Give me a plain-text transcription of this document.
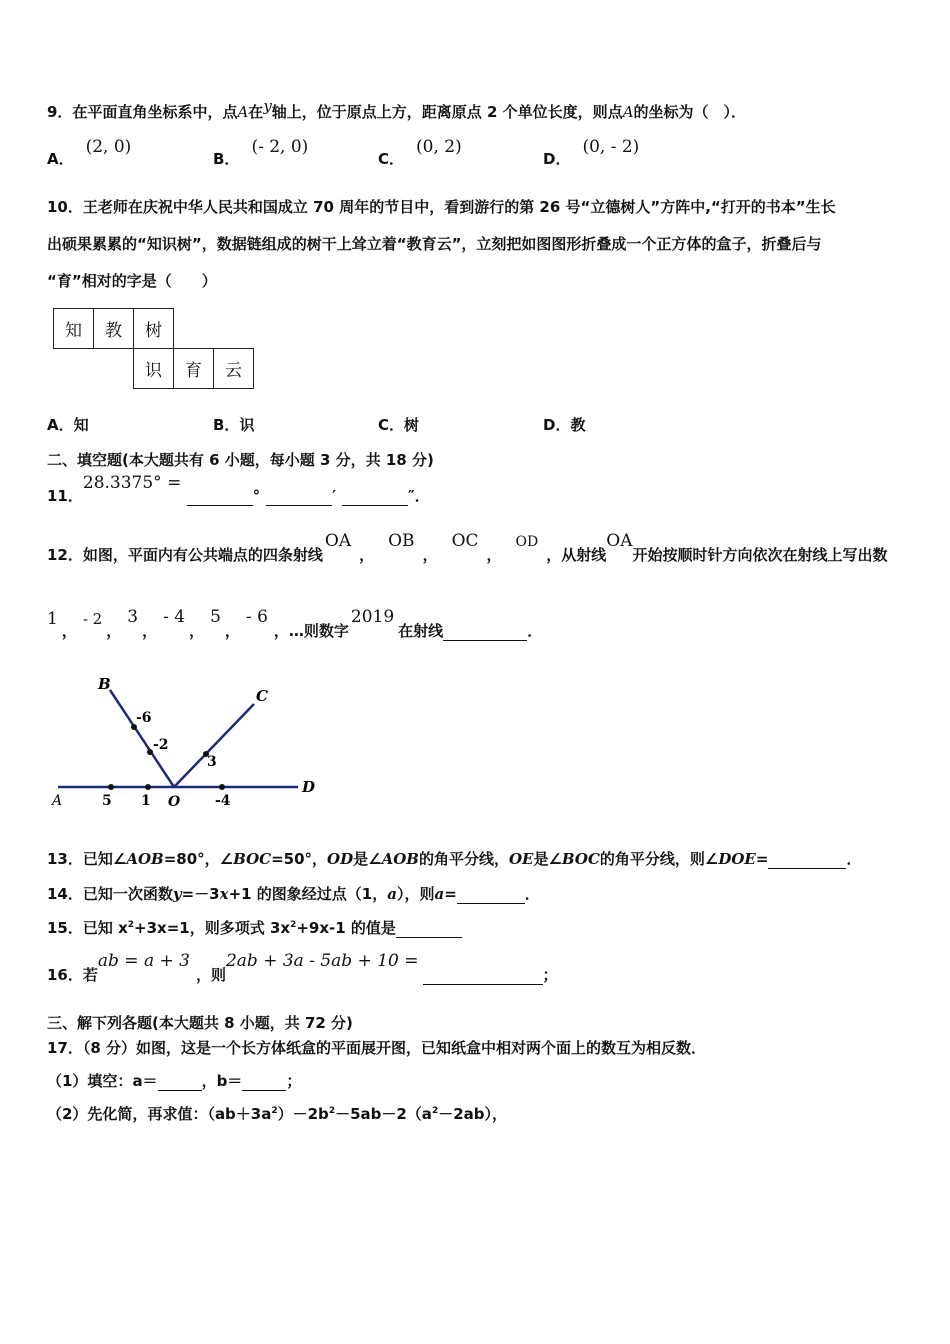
9．在平面直角坐标系中，点A在y轴上，位于原点上方，距离原点 2 个单位长度，则点A的坐标为（　）．
A．(2, 0)
B．(- 2, 0)
C．(0, 2)
D．(0, - 2)
10．王老师在庆祝中华人民共和国成立 70 周年的节目中，看到游行的第 26 号“立德树人”方阵中,“打开的书本”生长
出硕果累累的“知识树”，数据链组成的树干上耸立着“教育云”，立刻把如图图形折叠成一个正方体的盒子，折叠后与
“育”相对的字是（　　）
知	教	树		
		识	育	云
A．知	B．识	C．树	D．教
二、填空题(本大题共有 6 小题，每小题 3 分，共 18 分)
11．28.3375° = °	′	″．
12．如图，平面内有公共端点的四条射线OA，OB，OC，OD，从射线OA开始按顺时针方向依次在射线上写出数
1，- 2，3，- 4，5，- 6，…则数字2019在射线	．
B
C
D
A	O
-6
-2
3
5 1	-4
13．已知∠AOB=80°，∠BOC=50°，OD是∠AOB的角平分线，OE是∠BOC的角平分线，则∠DOE=	．
14．已知一次函数y=－3x+1 的图象经过点（1，a），则a=	．
15．已知 $x^2+3x=1$，则多项式 $3x^2+9x-1$ 的值是
16．若ab = a + 3，则2ab + 3a - 5ab + 10 =；
三、解下列各题(本大题共 8 小题，共 72 分)
17．（8 分）如图，这是一个长方体纸盒的平面展开图，已知纸盒中相对两个面上的数互为相反数．
（1）填空：a＝	，b＝	；
（2）先化简，再求值：$(ab+3a^2)-2b^2-5ab-2(a^2-2ab)$，
